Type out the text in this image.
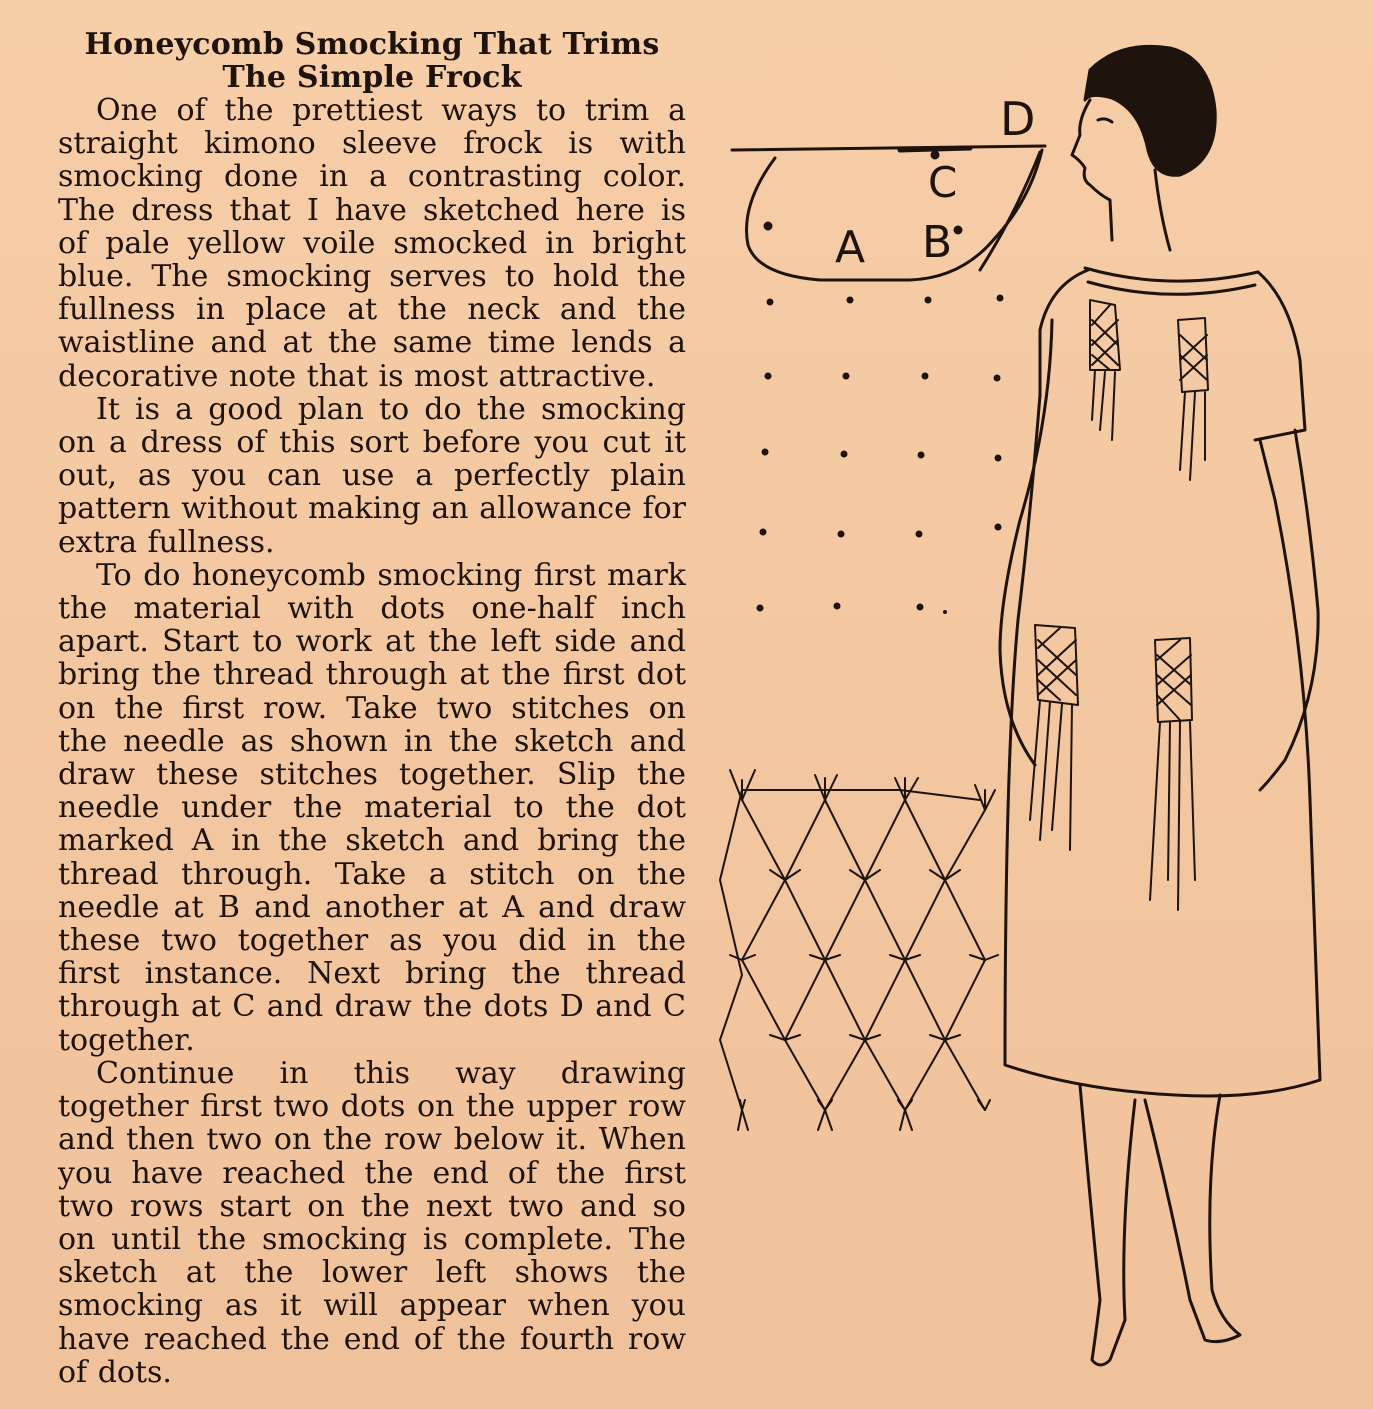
Honeycomb Smocking That Trims
The Simple Frock

One of the prettiest ways to trim a straight kimono sleeve frock is with smocking done in a contrasting color. The dress that I have sketched here is of pale yellow voile smocked in bright blue. The smocking serves to hold the fullness in place at the neck and the waistline and at the same time lends a decorative note that is most attractive.

It is a good plan to do the smocking on a dress of this sort before you cut it out, as you can use a perfectly plain pattern without making an allowance for extra fullness.

To do honeycomb smocking first mark the material with dots one-half inch apart. Start to work at the left side and bring the thread through at the first dot on the first row. Take two stitches on the needle as shown in the sketch and draw these stitches together. Slip the needle under the material to the dot marked A in the sketch and bring the thread through. Take a stitch on the needle at B and another at A and draw these two together as you did in the first instance. Next bring the thread through at C and draw the dots D and C together.

Continue in this way drawing together first two dots on the upper row and then two on the row below it. When you have reached the end of the first two rows start on the next two and so on until the smocking is complete. The sketch at the lower left shows the smocking as it will appear when you have reached the end of the fourth row of dots.

D
C
A B
